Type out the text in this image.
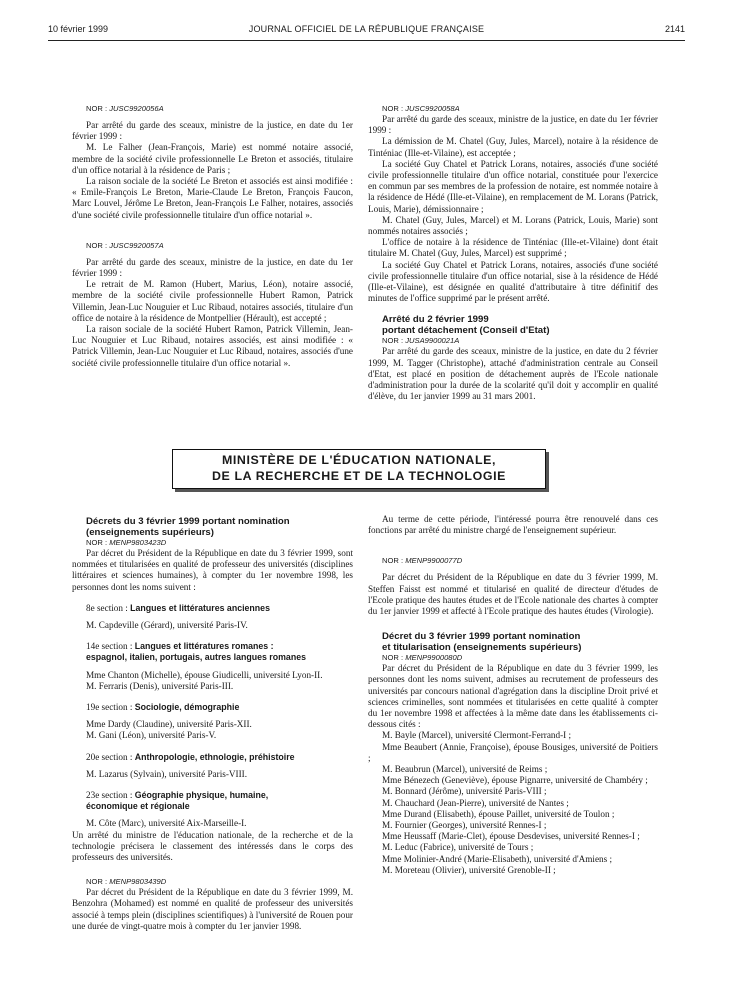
10 février 1999	JOURNAL OFFICIEL DE LA RÉPUBLIQUE FRANÇAISE	2141

NOR : JUSC9920056A

Par arrêté du garde des sceaux, ministre de la justice, en date du 1er février 1999 :

M. Le Falher (Jean-François, Marie) est nommé notaire associé, membre de la société civile professionnelle Le Breton et associés, titulaire d'un office notarial à la résidence de Paris ;

La raison sociale de la société Le Breton et associés est ainsi modifiée : « Emile-François Le Breton, Marie-Claude Le Breton, François Faucon, Marc Louvel, Jérôme Le Breton, Jean-François Le Falher, notaires, associés d'une société civile professionnelle titulaire d'un office notarial ».

NOR : JUSC9920057A

Par arrêté du garde des sceaux, ministre de la justice, en date du 1er février 1999 :

Le retrait de M. Ramon (Hubert, Marius, Léon), notaire associé, membre de la société civile professionnelle Hubert Ramon, Patrick Villemin, Jean-Luc Nouguier et Luc Ribaud, notaires associés, titulaire d'un office de notaire à la résidence de Montpellier (Hérault), est accepté ;

La raison sociale de la société Hubert Ramon, Patrick Villemin, Jean-Luc Nouguier et Luc Ribaud, notaires associés, est ainsi modifiée : « Patrick Villemin, Jean-Luc Nouguier et Luc Ribaud, notaires, associés d'une société civile professionnelle titulaire d'un office notarial ».

NOR : JUSC9920058A

Par arrêté du garde des sceaux, ministre de la justice, en date du 1er février 1999 :

La démission de M. Chatel (Guy, Jules, Marcel), notaire à la résidence de Tinténiac (Ille-et-Vilaine), est acceptée ;

La société Guy Chatel et Patrick Lorans, notaires, associés d'une société civile professionnelle titulaire d'un office notarial, constituée pour l'exercice en commun par ses membres de la profession de notaire, est nommée notaire à la résidence de Hédé (Ille-et-Vilaine), en remplacement de M. Lorans (Patrick, Louis, Marie), démissionnaire ;

M. Chatel (Guy, Jules, Marcel) et M. Lorans (Patrick, Louis, Marie) sont nommés notaires associés ;

L'office de notaire à la résidence de Tinténiac (Ille-et-Vilaine) dont était titulaire M. Chatel (Guy, Jules, Marcel) est supprimé ;

La société Guy Chatel et Patrick Lorans, notaires, associés d'une société civile professionnelle titulaire d'un office notarial, sise à la résidence de Hédé (Ille-et-Vilaine), est désignée en qualité d'attributaire à titre définitif des minutes de l'office supprimé par le présent arrêté.

Arrêté du 2 février 1999

portant détachement (Conseil d'Etat)

NOR : JUSA9900021A

Par arrêté du garde des sceaux, ministre de la justice, en date du 2 février 1999, M. Tagger (Christophe), attaché d'administration centrale au Conseil d'Etat, est placé en position de détachement auprès de l'Ecole nationale d'administration pour la durée de la scolarité qu'il doit y accomplir en qualité d'élève, du 1er janvier 1999 au 31 mars 2001.

MINISTÈRE DE L'ÉDUCATION NATIONALE,
DE LA RECHERCHE ET DE LA TECHNOLOGIE

Décrets du 3 février 1999 portant nomination

(enseignements supérieurs)

NOR : MENP9803423D

Par décret du Président de la République en date du 3 février 1999, sont nommées et titularisées en qualité de professeur des universités (disciplines littéraires et sciences humaines), à compter du 1er novembre 1998, les personnes dont les noms suivent :

8e section : Langues et littératures anciennes

M. Capdeville (Gérard), université Paris-IV.

14e section : Langues et littératures romanes :

espagnol, italien, portugais, autres langues romanes

Mme Chanton (Michelle), épouse Giudicelli, université Lyon-II.

M. Ferraris (Denis), université Paris-III.

19e section : Sociologie, démographie

Mme Dardy (Claudine), université Paris-XII.

M. Gani (Léon), université Paris-V.

20e section : Anthropologie, ethnologie, préhistoire

M. Lazarus (Sylvain), université Paris-VIII.

23e section : Géographie physique, humaine,

économique et régionale

M. Côte (Marc), université Aix-Marseille-I.

Un arrêté du ministre de l'éducation nationale, de la recherche et de la technologie précisera le classement des intéressés dans le corps des professeurs des universités.

NOR : MENP9803439D

Par décret du Président de la République en date du 3 février 1999, M. Benzohra (Mohamed) est nommé en qualité de professeur des universités associé à temps plein (disciplines scientifiques) à l'université de Rouen pour une durée de vingt-quatre mois à compter du 1er janvier 1998.

Au terme de cette période, l'intéressé pourra être renouvelé dans ces fonctions par arrêté du ministre chargé de l'enseignement supérieur.

NOR : MENP9900077D

Par décret du Président de la République en date du 3 février 1999, M. Steffen Faisst est nommé et titularisé en qualité de directeur d'études de l'Ecole pratique des hautes études et de l'Ecole nationale des chartes à compter du 1er janvier 1999 et affecté à l'Ecole pratique des hautes études (Virologie).

Décret du 3 février 1999 portant nomination

et titularisation (enseignements supérieurs)

NOR : MENP9900080D

Par décret du Président de la République en date du 3 février 1999, les personnes dont les noms suivent, admises au recrutement de professeurs des universités par concours national d'agrégation dans la discipline Droit privé et sciences criminelles, sont nommées et titularisées en cette qualité à compter du 1er novembre 1998 et affectées à la même date dans les établissements ci-dessous cités :

M. Bayle (Marcel), université Clermont-Ferrand-I ;

Mme Beaubert (Annie, Françoise), épouse Bousiges, université de Poitiers ;

M. Beaubrun (Marcel), université de Reims ;

Mme Bénezech (Geneviève), épouse Pignarre, université de Chambéry ;

M. Bonnard (Jérôme), université Paris-VIII ;

M. Chauchard (Jean-Pierre), université de Nantes ;

Mme Durand (Elisabeth), épouse Paillet, université de Toulon ;

M. Fournier (Georges), université Rennes-I ;

Mme Heussaff (Marie-Clet), épouse Desdevises, université Rennes-I ;

M. Leduc (Fabrice), université de Tours ;

Mme Molinier-André (Marie-Elisabeth), université d'Amiens ;

M. Moreteau (Olivier), université Grenoble-II ;
